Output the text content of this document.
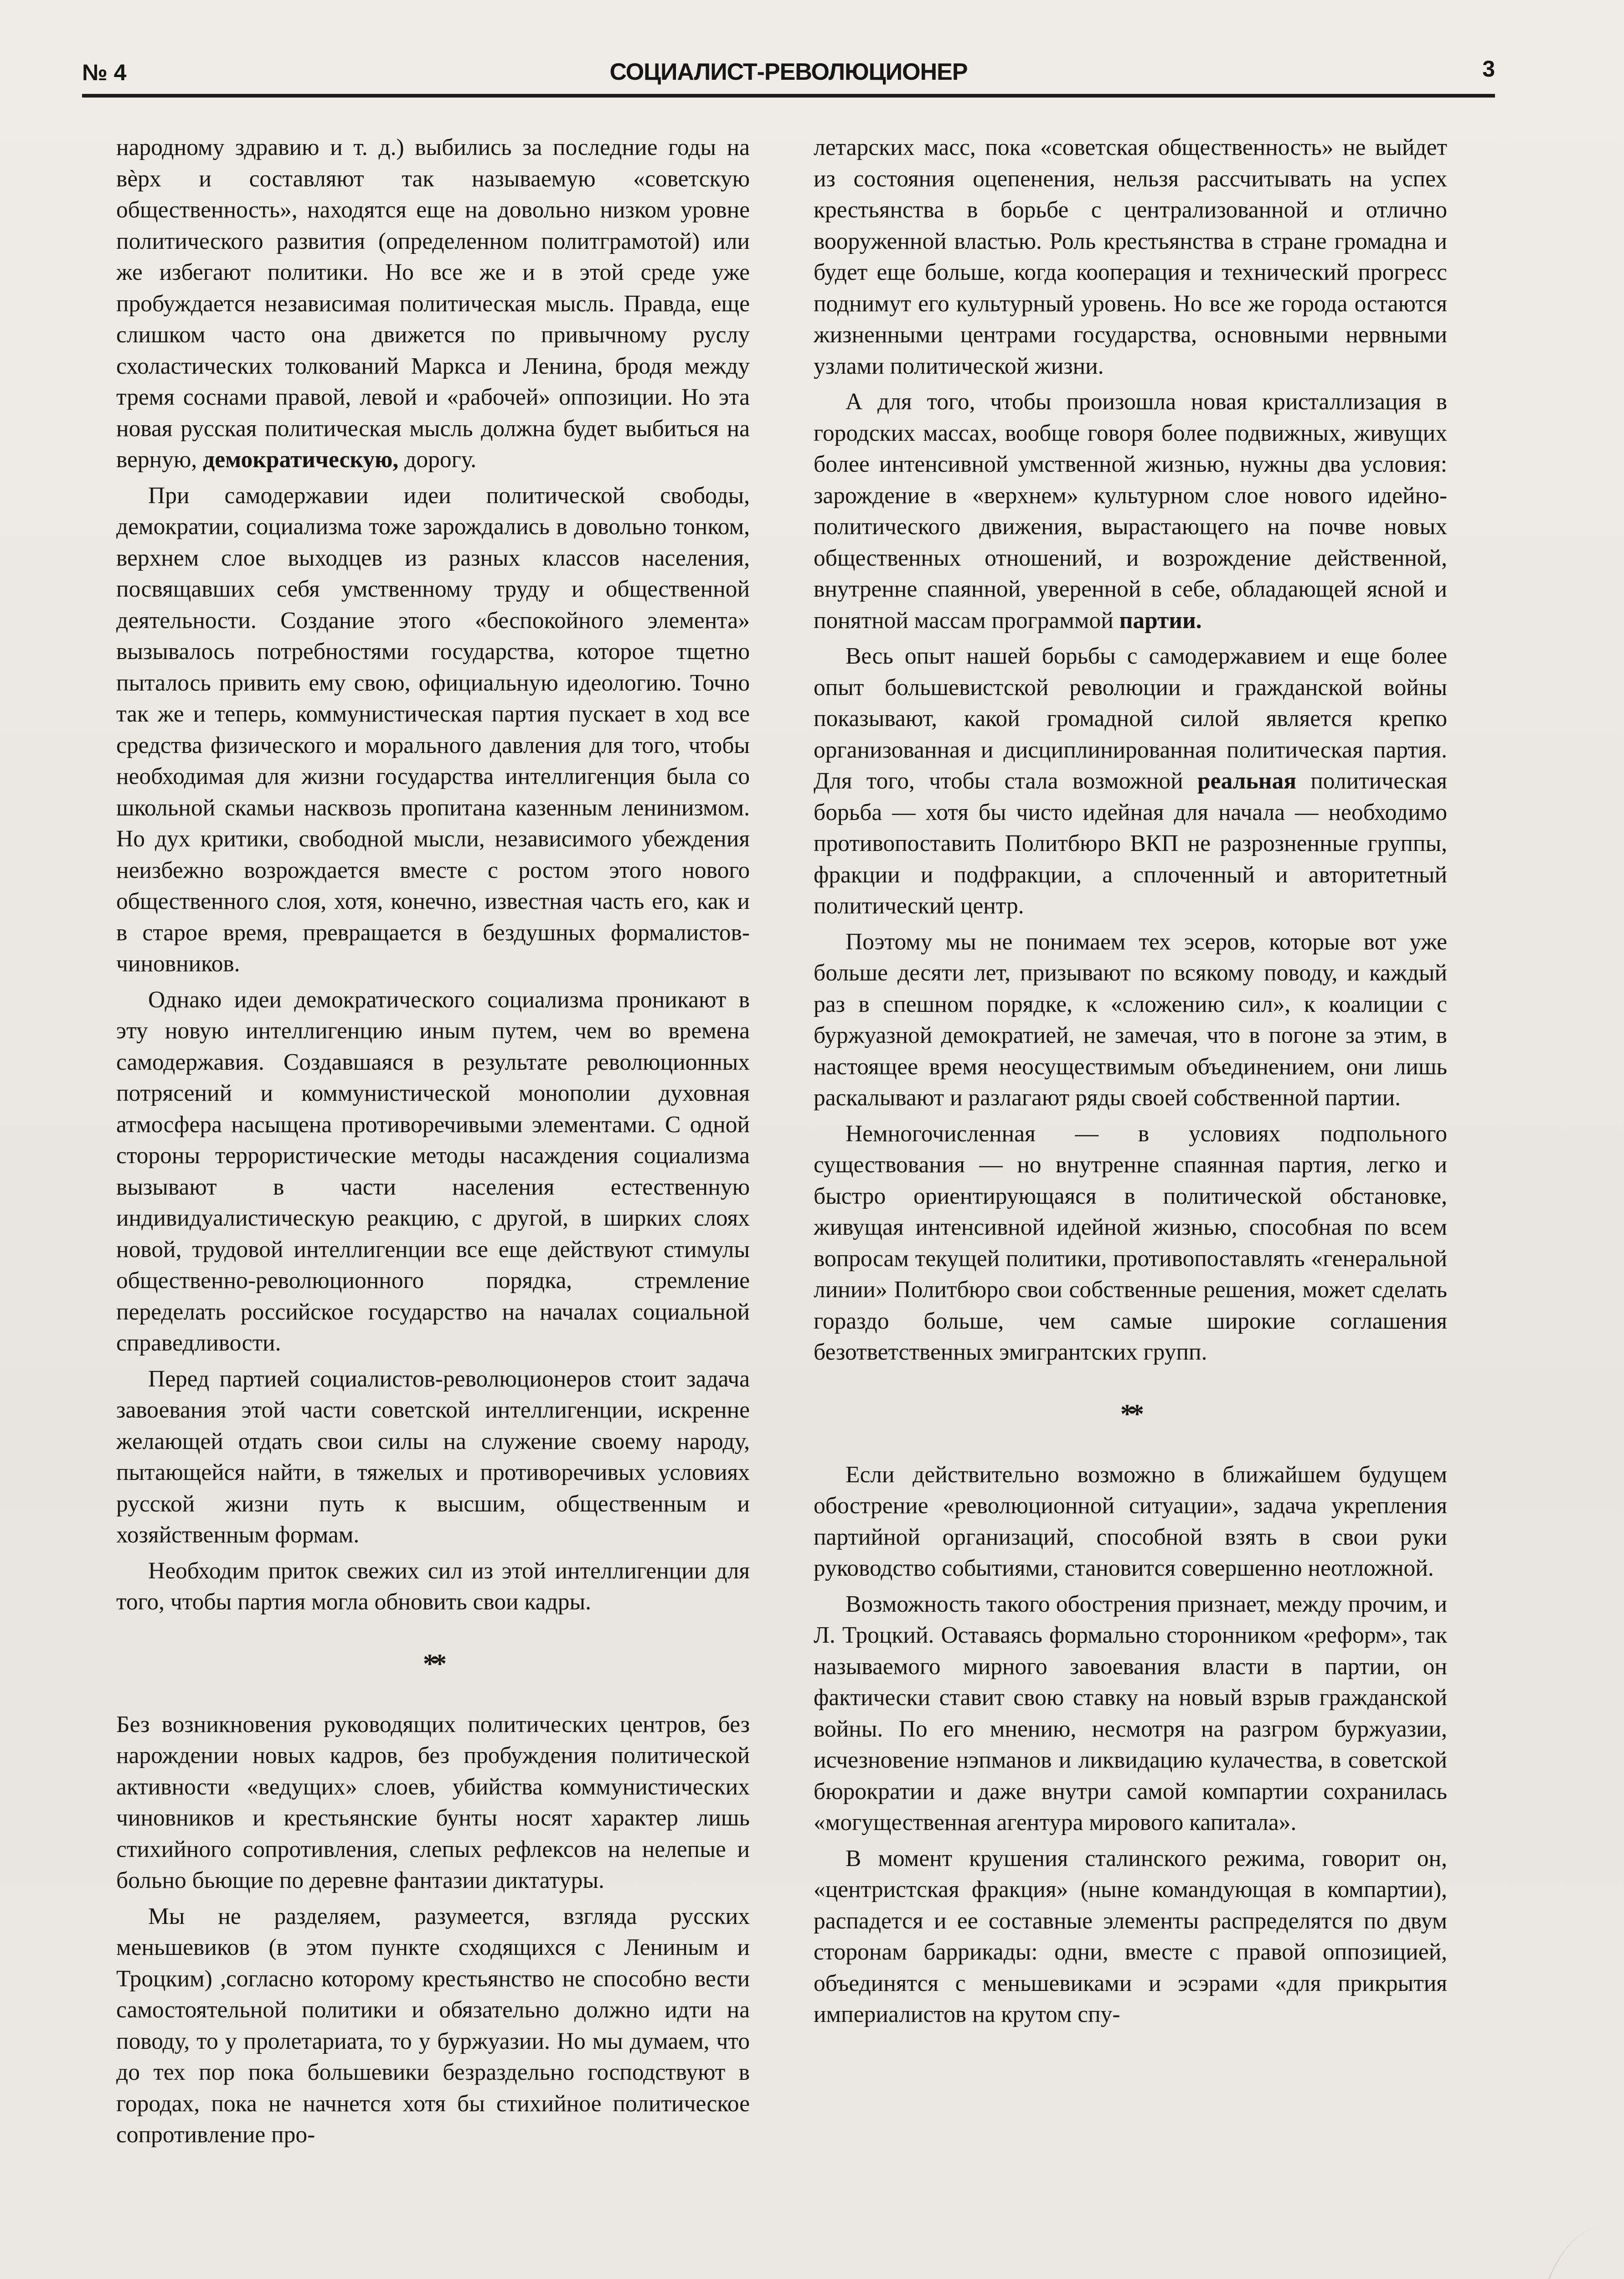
№ 4	СОЦИАЛИСТ-РЕВОЛЮЦИОНЕР	3

народному здравию и т. д.) выбились за последние годы на вèрх и составляют так называемую «советскую общественность», находятся еще на довольно низком уровне политического развития (определенном политграмотой) или же избегают политики. Но все же и в этой среде уже пробуждается независимая политическая мысль. Правда, еще слишком часто она движется по привычному руслу схоластических толкований Маркса и Ленина, бродя между тремя соснами правой, левой и «рабочей» оппозиции. Но эта новая русская политическая мысль должна будет выбиться на верную, демократическую, дорогу.

При самодержавии идеи политической свободы, демократии, социализма тоже зарождались в довольно тонком, верхнем слое выходцев из разных классов населения, посвящавших себя умственному труду и общественной деятельности. Создание этого «беспокойного элемента» вызывалось потребностями государства, которое тщетно пыталось привить ему свою, официальную идеологию. Точно так же и теперь, коммунистическая партия пускает в ход все средства физического и морального давления для того, чтобы необходимая для жизни государства интеллигенция была со школьной скамьи насквозь пропитана казенным ленинизмом. Но дух критики, свободной мысли, независимого убеждения неизбежно возрождается вместе с ростом этого нового общественного слоя, хотя, конечно, известная часть его, как и в старое время, превращается в бездушных формалистов-чиновников.

Однако идеи демократического социализма проникают в эту новую интеллигенцию иным путем, чем во времена самодержавия. Создавшаяся в результате революционных потрясений и коммунистической монополии духовная атмосфера насыщена противоречивыми элементами. С одной стороны террористические методы насаждения социализма вызывают в части населения естественную индивидуалистическую реакцию, с другой, в ширких слоях новой, трудовой интеллигенции все еще действуют стимулы общественно-революционного порядка, стремление переделать российское государство на началах социальной справедливости.

Перед партией социалистов-революционеров стоит задача завоевания этой части советской интеллигенции, искренне желающей отдать свои силы на служение своему народу, пытающейся найти, в тяжелых и противоречивых условиях русской жизни путь к высшим, общественным и хозяйственным формам.

Необходим приток свежих сил из этой интеллигенции для того, чтобы партия могла обновить свои кадры.

**

Без возникновения руководящих политических центров, без нарождении новых кадров, без пробуждения политической активности «ведущих» слоев, убийства коммунистических чиновников и крестьянские бунты носят характер лишь стихийного сопротивления, слепых рефлексов на нелепые и больно бьющие по деревне фантазии диктатуры.

Мы не разделяем, разумеется, взгляда русских меньшевиков (в этом пункте сходящихся с Лениным и Троцким) ,согласно которому крестьянство не способно вести самостоятельной политики и обязательно должно идти на поводу, то у пролетариата, то у буржуазии. Но мы думаем, что до тех пор пока большевики безраздельно господствуют в городах, пока не начнется хотя бы стихийное политическое сопротивление про-

летарских масс, пока «советская общественность» не выйдет из состояния оцепенения, нельзя рассчитывать на успех крестьянства в борьбе с централизованной и отлично вооруженной властью. Роль крестьянства в стране громадна и будет еще больше, когда кооперация и технический прогресс поднимут его культурный уровень. Но все же города остаются жизненными центрами государства, основными нервными узлами политической жизни.

А для того, чтобы произошла новая кристаллизация в городских массах, вообще говоря более подвижных, живущих более интенсивной умственной жизнью, нужны два условия: зарождение в «верхнем» культурном слое нового идейно-политического движения, вырастающего на почве новых общественных отношений, и возрождение действенной, внутренне спаянной, уверенной в себе, обладающей ясной и понятной массам программой партии.

Весь опыт нашей борьбы с самодержавием и еще более опыт большевистской революции и гражданской войны показывают, какой громадной силой является крепко организованная и дисциплинированная политическая партия. Для того, чтобы стала возможной реальная политическая борьба — хотя бы чисто идейная для начала — необходимо противопоставить Политбюро ВКП не разрозненные группы, фракции и подфракции, а сплоченный и авторитетный политический центр.

Поэтому мы не понимаем тех эсеров, которые вот уже больше десяти лет, призывают по всякому поводу, и каждый раз в спешном порядке, к «сложению сил», к коалиции с буржуазной демократией, не замечая, что в погоне за этим, в настоящее время неосуществимым объединением, они лишь раскалывают и разлагают ряды своей собственной партии.

Немногочисленная — в условиях подпольного существования — но внутренне спаянная партия, легко и быстро ориентирующаяся в политической обстановке, живущая интенсивной идейной жизнью, способная по всем вопросам текущей политики, противопоставлять «генеральной линии» Политбюро свои собственные решения, может сделать гораздо больше, чем самые широкие соглашения безответственных эмигрантских групп.

**

Если действительно возможно в ближайшем будущем обострение «революционной ситуации», задача укрепления партийной организаций, способной взять в свои руки руководство событиями, становится совершенно неотложной.

Возможность такого обострения признает, между прочим, и Л. Троцкий. Оставаясь формально сторонником «реформ», так называемого мирного завоевания власти в партии, он фактически ставит свою ставку на новый взрыв гражданской войны. По его мнению, несмотря на разгром буржуазии, исчезновение нэпманов и ликвидацию кулачества, в советской бюрократии и даже внутри самой компартии сохранилась «могущественная агентура мирового капитала».

В момент крушения сталинского режима, говорит он, «центристская фракция» (ныне командующая в компартии), распадется и ее составные элементы распределятся по двум сторонам баррикады: одни, вместе с правой оппозицией, объединятся с меньшевиками и эсэрами «для прикрытия империалистов на крутом спу-
